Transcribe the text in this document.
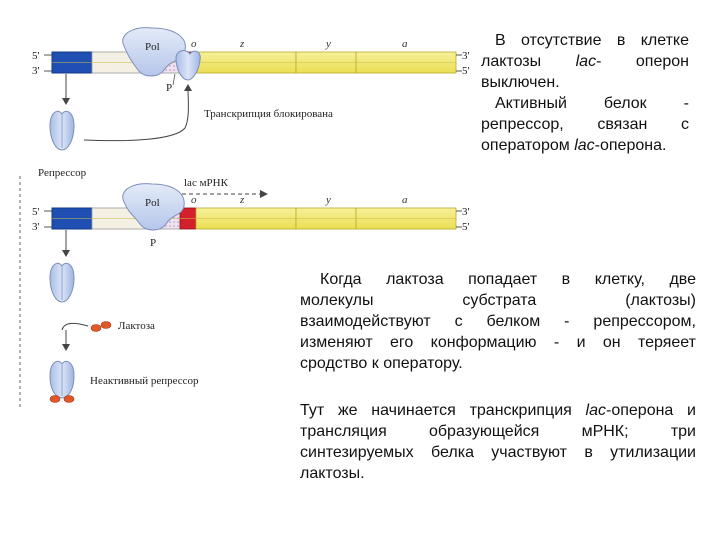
5'
3'
3'
5'
o	z	y	a
Pol
P
Репрессор
Транскрипция блокирована
5'
3'
3'
5'
o	z	y	a
Pol
P
lac мРНК
Лактоза
Неактивный репрессор
В отсутствие в клетке
лактозы lac- оперон
выключен.
Активный белок -
репрессор, связан с
оператором lac-оперона.
Когда лактоза попадает в клетку, две
молекулы субстрата (лактозы)
взаимодействуют с белком - репрессором,
изменяют его конформацию - и он теряеет
сродство к оператору.
Тут же начинается транскрипция lac-оперона и
трансляция образующейся мРНК; три
синтезируемых белка участвуют в утилизации
лактозы.
